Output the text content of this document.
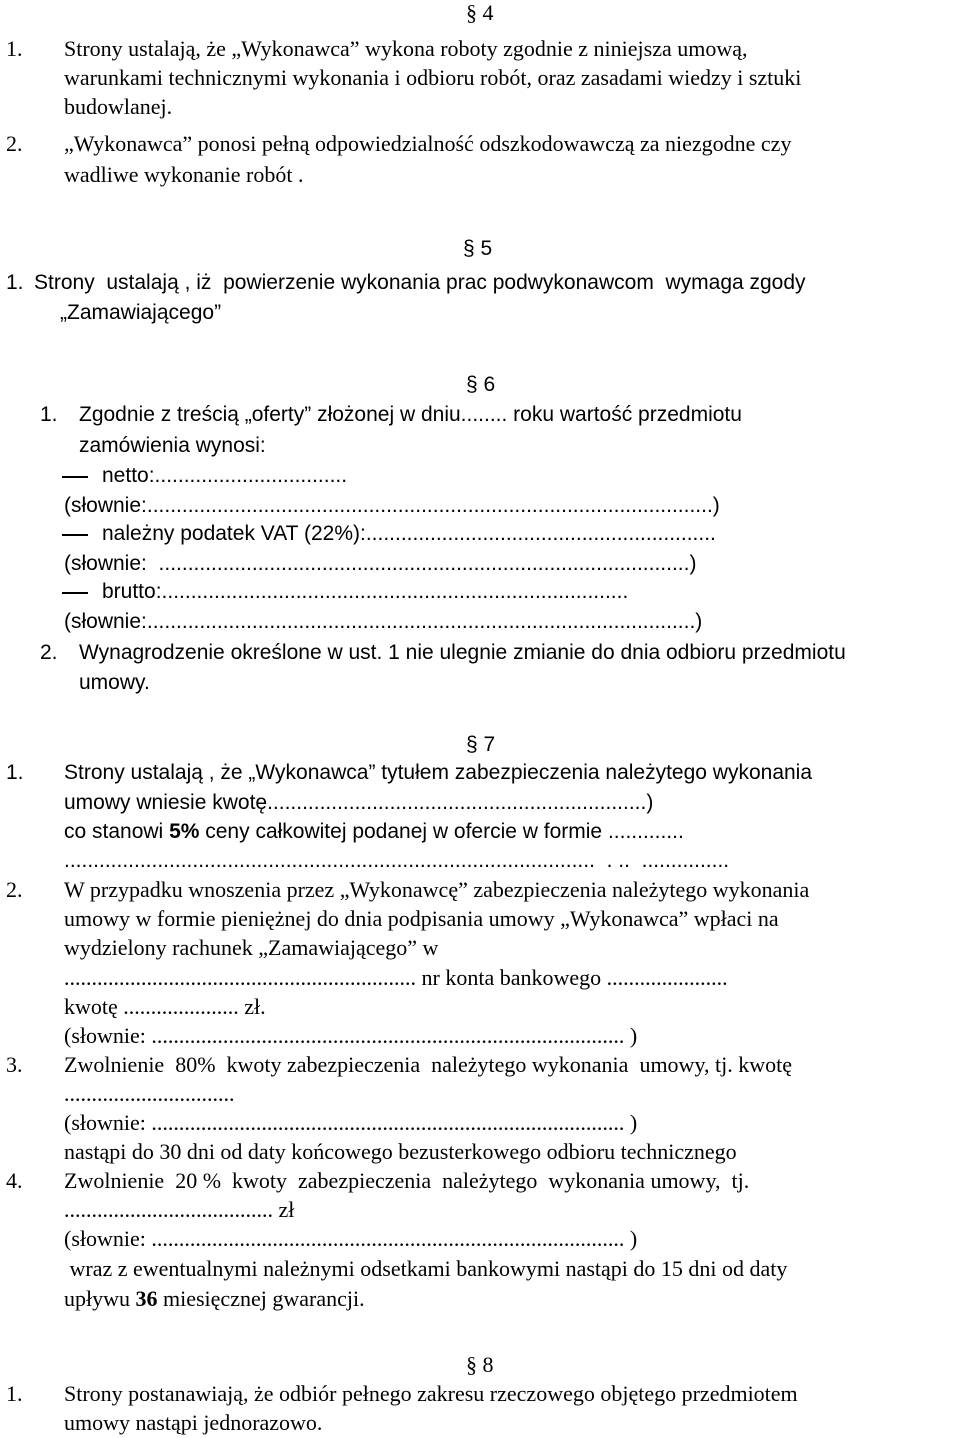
§ 4
1. Strony ustalają, że „Wykonawca” wykona roboty zgodnie z niniejsza umową,
warunkami technicznymi wykonania i odbioru robót, oraz zasadami wiedzy i sztuki
budowlanej.
2. „Wykonawca” ponosi pełną odpowiedzialność odszkodowawczą za niezgodne czy
wadliwe wykonanie robót .
§ 5
1. Strony  ustalają , iż  powierzenie wykonania prac podwykonawcom  wymaga zgody
„Zamawiającego”
§ 6
1. Zgodnie z treścią „oferty” złożonej w dniu........ roku wartość przedmiotu
zamówienia wynosi:
netto:.................................
(słownie:.................................................................................................)
należny podatek VAT (22%):............................................................
(słownie:  ...........................................................................................)
brutto:................................................................................
(słownie:..............................................................................................)
2. Wynagrodzenie określone w ust. 1 nie ulegnie zmianie do dnia odbioru przedmiotu
umowy.
§ 7
1. Strony ustalają , że „Wykonawca” tytułem zabezpieczenia należytego wykonania
umowy wniesie kwotę.................................................................)
co stanowi 5% ceny całkowitej podanej w ofercie w formie .............
...........................................................................................  . ..  ...............
2. W przypadku wnoszenia przez „Wykonawcę” zabezpieczenia należytego wykonania
umowy w formie pieniężnej do dnia podpisania umowy „Wykonawca” wpłaci na
wydzielony rachunek „Zamawiającego” w
................................................................ nr konta bankowego ......................
kwotę ..................... zł.
(słownie: ...................................................................................... )
3. Zwolnienie  80%  kwoty zabezpieczenia  należytego wykonania  umowy, tj. kwotę
...............................
(słownie: ...................................................................................... )
nastąpi do 30 dni od daty końcowego bezusterkowego odbioru technicznego
4. Zwolnienie  20 %  kwoty  zabezpieczenia  należytego  wykonania umowy,  tj.
...................................... zł
(słownie: ...................................................................................... )
wraz z ewentualnymi należnymi odsetkami bankowymi nastąpi do 15 dni od daty
upływu 36 miesięcznej gwarancji.
§ 8
1. Strony postanawiają, że odbiór pełnego zakresu rzeczowego objętego przedmiotem
umowy nastąpi jednorazowo.
